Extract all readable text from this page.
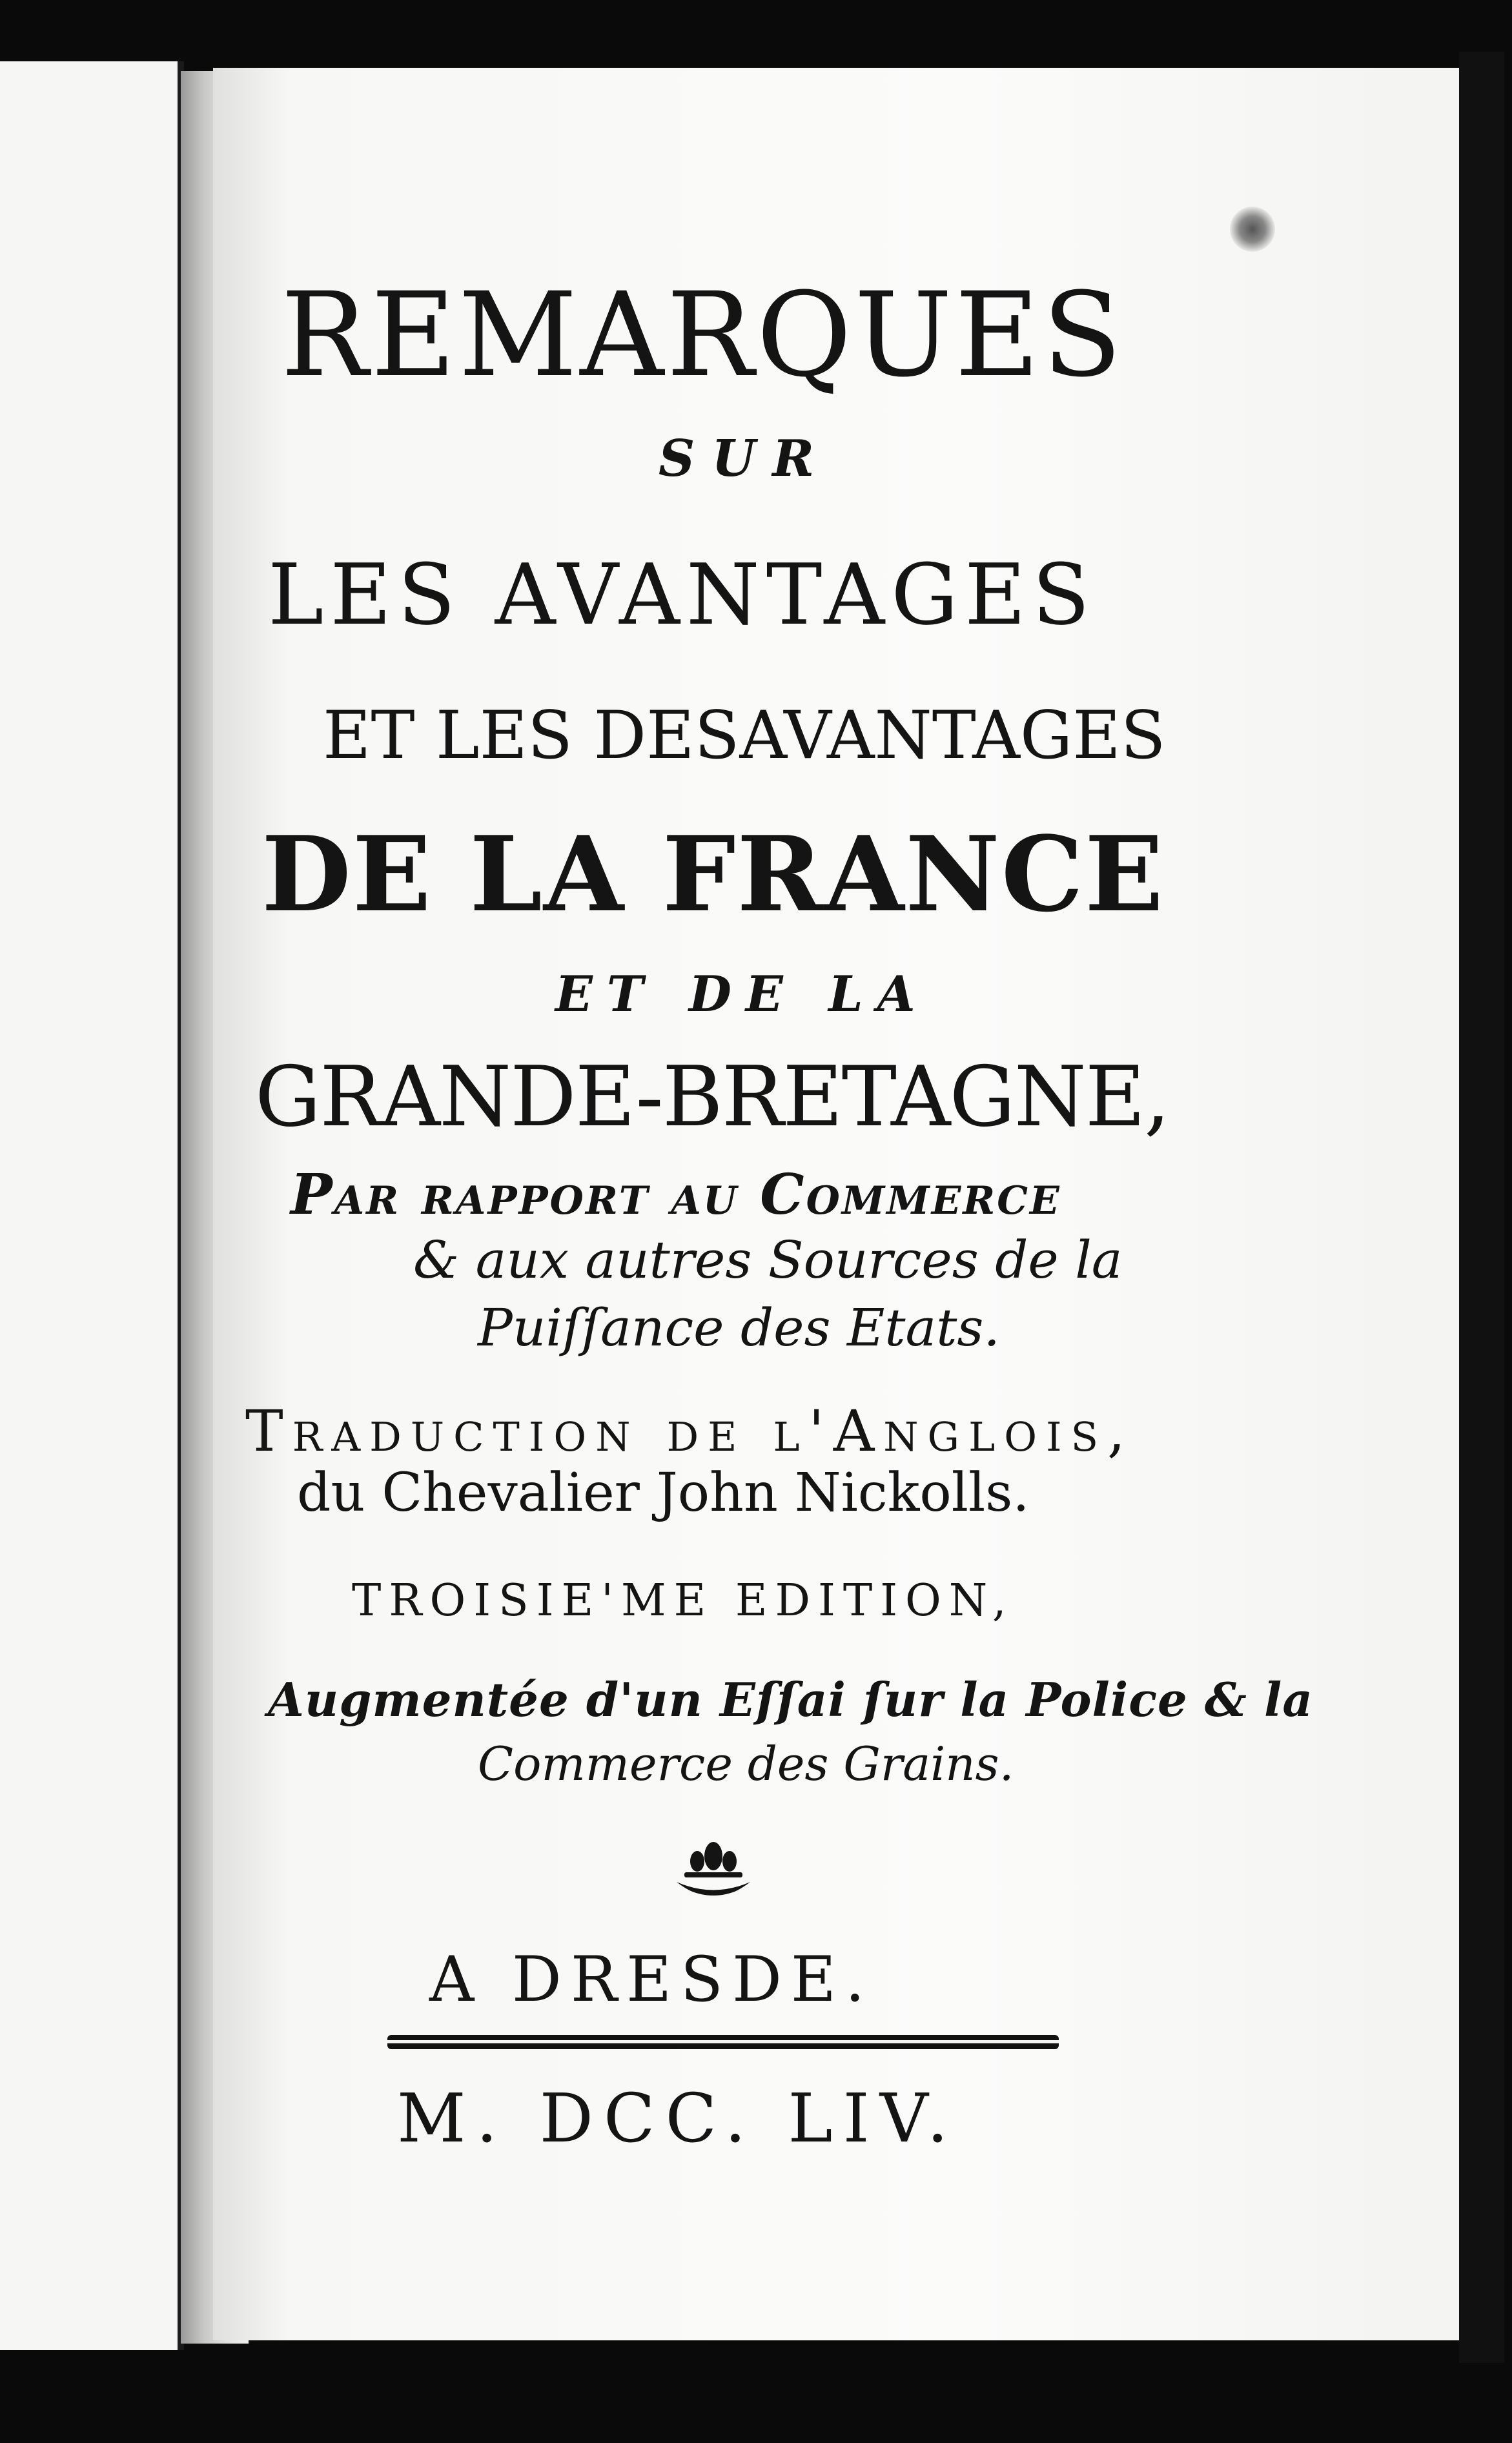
REMARQUES

SUR

LES AVANTAGES

ET LES DESAVANTAGES

DE LA FRANCE

ET DE LA

GRANDE-BRETAGNE,

Par rapport au Commerce

& aux autres Sources de la

Puiſſance des Etats.

Traduction de l'Anglois,

du Chevalier John Nickolls.

TROISIE'ME EDITION,

Augmentée d'un Eſſai ſur la Police & la

Commerce des Grains.

A DRESDE.

M. DCC. LIV.
